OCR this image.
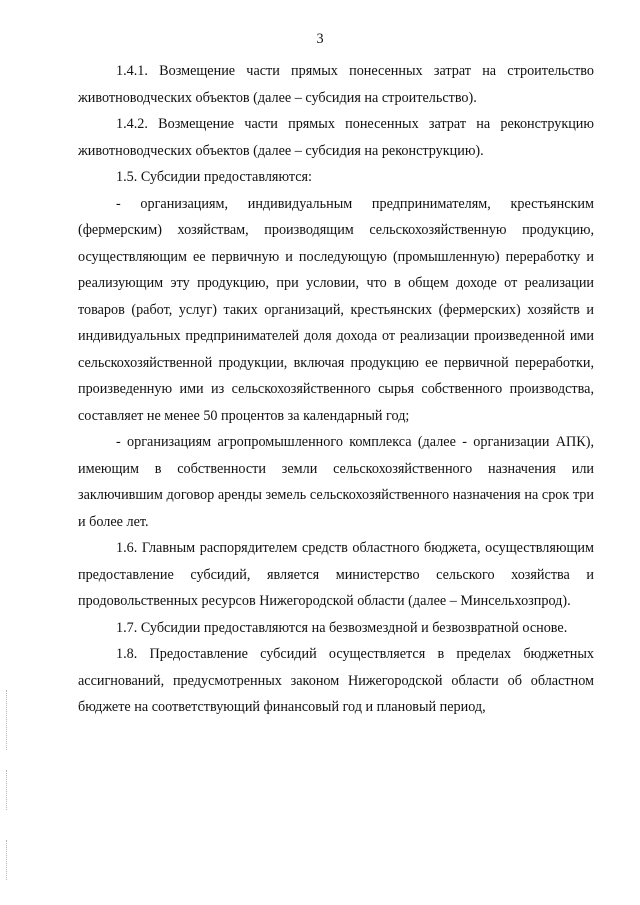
3

1.4.1. Возмещение части прямых понесенных затрат на строительство животноводческих объектов (далее – субсидия на строительство).

1.4.2. Возмещение части прямых понесенных затрат на реконструкцию животноводческих объектов (далее – субсидия на реконструкцию).

1.5. Субсидии предоставляются:

- организациям, индивидуальным предпринимателям, крестьянским (фермерским) хозяйствам, производящим сельскохозяйственную продукцию, осуществляющим ее первичную и последующую (промышленную) переработку и реализующим эту продукцию, при условии, что в общем доходе от реализации товаров (работ, услуг) таких организаций, крестьянских (фермерских) хозяйств и индивидуальных предпринимателей доля дохода от реализации произведенной ими сельскохозяйственной продукции, включая продукцию ее первичной переработки, произведенную ими из сельскохозяйственного сырья собственного производства, составляет не менее 50 процентов за календарный год;

- организациям агропромышленного комплекса (далее - организации АПК), имеющим в собственности земли сельскохозяйственного назначения или заключившим договор аренды земель сельскохозяйственного назначения на срок три и более лет.

1.6. Главным распорядителем средств областного бюджета, осуществляющим предоставление субсидий, является министерство сельского хозяйства и продовольственных ресурсов Нижегородской области (далее – Минсельхозпрод).

1.7. Субсидии предоставляются на безвозмездной и безвозвратной основе.

1.8. Предоставление субсидий осуществляется в пределах бюджетных ассигнований, предусмотренных законом Нижегородской области об областном бюджете на соответствующий финансовый год и плановый период,
